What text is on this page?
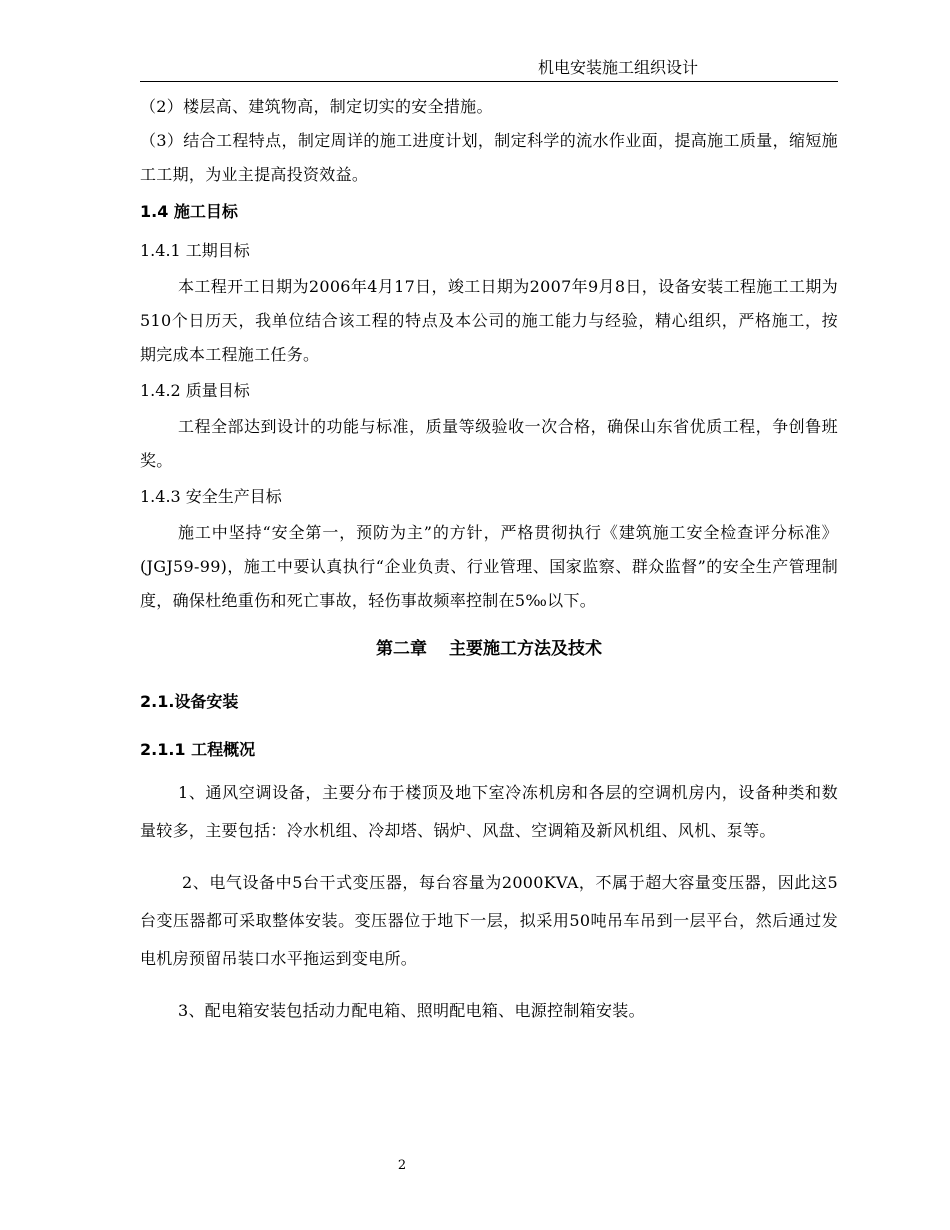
机电安装施工组织设计

（2）楼层高、建筑物高，制定切实的安全措施。

（3）结合工程特点，制定周详的施工进度计划，制定科学的流水作业面，提高施工质量，缩短施工工期，为业主提高投资效益。

1.4 施工目标

1.4.1 工期目标

本工程开工日期为2006年4月17日，竣工日期为2007年9月8日，设备安装工程施工工期为510个日历天，我单位结合该工程的特点及本公司的施工能力与经验，精心组织，严格施工，按期完成本工程施工任务。

1.4.2 质量目标

工程全部达到设计的功能与标准，质量等级验收一次合格，确保山东省优质工程，争创鲁班奖。

1.4.3 安全生产目标

施工中坚持“安全第一，预防为主”的方针，严格贯彻执行《建筑施工安全检查评分标准》(JGJ59-99)，施工中要认真执行“企业负责、行业管理、国家监察、群众监督”的安全生产管理制度，确保杜绝重伤和死亡事故，轻伤事故频率控制在5‰以下。

第二章 主要施工方法及技术

2.1.设备安装

2.1.1 工程概况

1、通风空调设备，主要分布于楼顶及地下室冷冻机房和各层的空调机房内，设备种类和数量较多，主要包括：冷水机组、冷却塔、锅炉、风盘、空调箱及新风机组、风机、泵等。

2、电气设备中5台干式变压器，每台容量为2000KVA，不属于超大容量变压器，因此这5台变压器都可采取整体安装。变压器位于地下一层，拟采用50吨吊车吊到一层平台，然后通过发电机房预留吊装口水平拖运到变电所。

3、配电箱安装包括动力配电箱、照明配电箱、电源控制箱安装。

2
